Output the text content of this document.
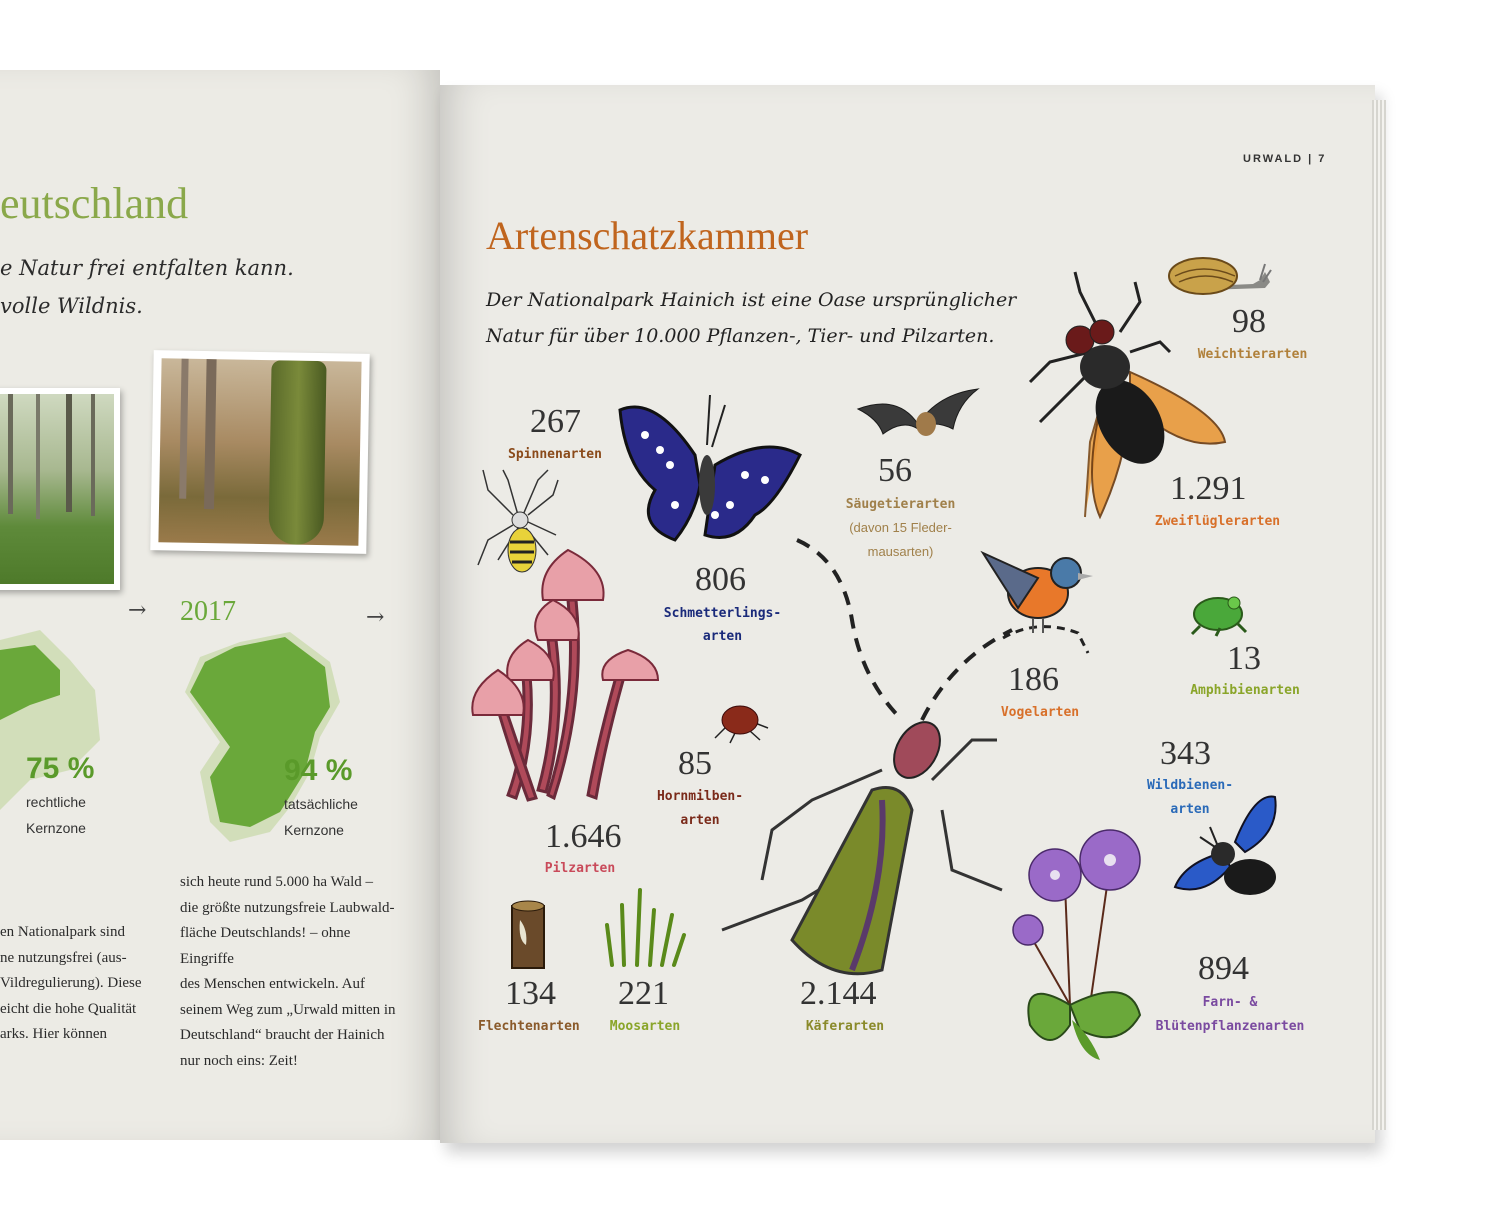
eutschland
e Natur frei entfalten kann.
volle Wildnis.
→ 2017	→
75 %
rechtliche
Kernzone
94 %
tatsächliche
Kernzone
en Nationalpark sind
ne nutzungsfrei (aus-
Vildregulierung). Diese
eicht die hohe Qualität
arks. Hier können
sich heute rund 5.000 ha Wald –
die größte nutzungsfreie Laubwald-
fläche Deutschlands! – ohne Eingriffe
des Menschen entwickeln. Auf
seinem Weg zum „Urwald mitten in
Deutschland“ braucht der Hainich
nur noch eins: Zeit!
URWALD | 7
Artenschatzkammer
Der Nationalpark Hainich ist eine Oase ursprünglicher
Natur für über 10.000 Pflanzen-, Tier- und Pilzarten.
267
Spinnenarten
806
Schmetterlings-
arten
56
Säugetierarten
(davon 15 Fleder-
mausarten)
1.291
Zweiflüglerarten
98
Weichtierarten
186
Vogelarten
13
Amphibienarten
85
Hornmilben-
arten
1.646
Pilzarten
343
Wildbienen-
arten
134
Flechtenarten
221
Moosarten
2.144
Käferarten
894
Farn- &
Blütenpflanzenarten
